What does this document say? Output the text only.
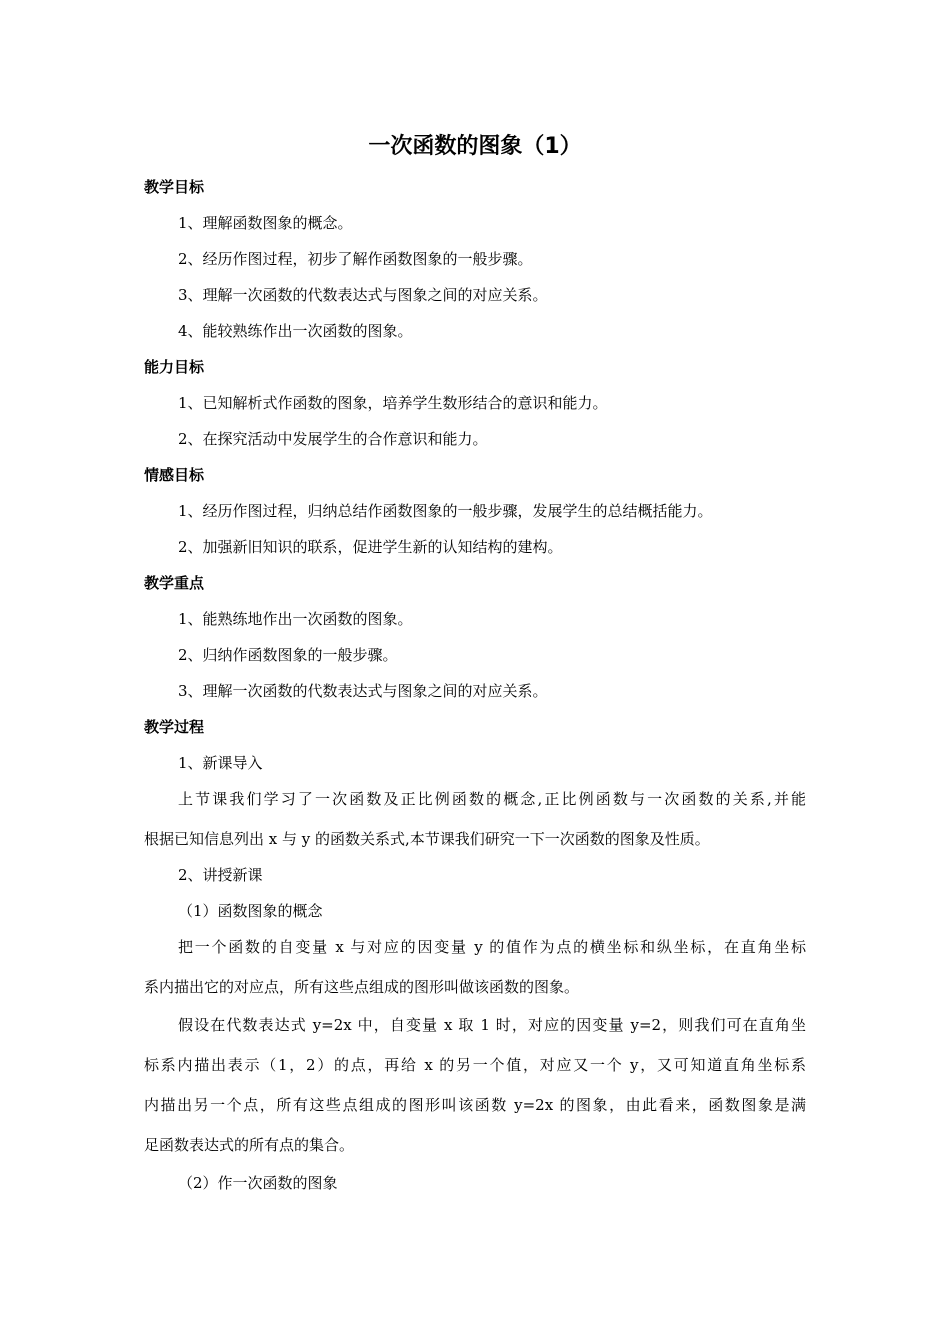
一次函数的图象（1）
教学目标
1、理解函数图象的概念。
2、经历作图过程，初步了解作函数图象的一般步骤。
3、理解一次函数的代数表达式与图象之间的对应关系。
4、能较熟练作出一次函数的图象。
能力目标
1、已知解析式作函数的图象，培养学生数形结合的意识和能力。
2、在探究活动中发展学生的合作意识和能力。
情感目标
1、经历作图过程，归纳总结作函数图象的一般步骤，发展学生的总结概括能力。
2、加强新旧知识的联系，促进学生新的认知结构的建构。
教学重点
1、能熟练地作出一次函数的图象。
2、归纳作函数图象的一般步骤。
3、理解一次函数的代数表达式与图象之间的对应关系。
教学过程
1、新课导入
上节课我们学习了一次函数及正比例函数的概念,正比例函数与一次函数的关系,并能
根据已知信息列出 x 与 y 的函数关系式,本节课我们研究一下一次函数的图象及性质。
2、讲授新课
（1）函数图象的概念
把一个函数的自变量 x 与对应的因变量 y 的值作为点的横坐标和纵坐标，在直角坐标
系内描出它的对应点，所有这些点组成的图形叫做该函数的图象。
假设在代数表达式 y=2x 中，自变量 x 取 1 时，对应的因变量 y=2，则我们可在直角坐
标系内描出表示（1，2）的点，再给 x 的另一个值，对应又一个 y，又可知道直角坐标系
内描出另一个点，所有这些点组成的图形叫该函数 y=2x 的图象，由此看来，函数图象是满
足函数表达式的所有点的集合。
（2）作一次函数的图象
